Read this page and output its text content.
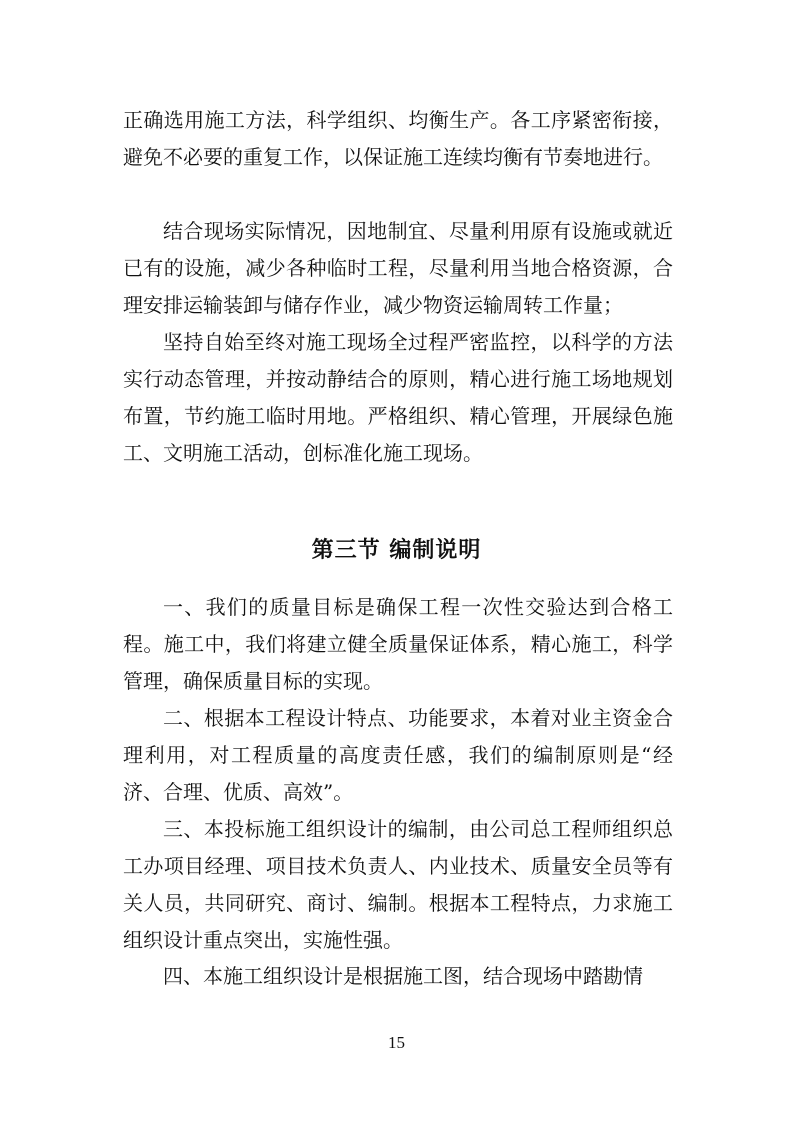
正确选用施工方法，科学组织、均衡生产。各工序紧密衔接，避免不必要的重复工作，以保证施工连续均衡有节奏地进行。

结合现场实际情况，因地制宜、尽量利用原有设施或就近已有的设施，减少各种临时工程，尽量利用当地合格资源，合理安排运输装卸与储存作业，减少物资运输周转工作量；

坚持自始至终对施工现场全过程严密监控，以科学的方法实行动态管理，并按动静结合的原则，精心进行施工场地规划布置，节约施工临时用地。严格组织、精心管理，开展绿色施工、文明施工活动，创标准化施工现场。

第三节 编制说明

一、我们的质量目标是确保工程一次性交验达到合格工程。施工中，我们将建立健全质量保证体系，精心施工，科学管理，确保质量目标的实现。

二、根据本工程设计特点、功能要求，本着对业主资金合理利用，对工程质量的高度责任感，我们的编制原则是“经济、合理、优质、高效”。

三、本投标施工组织设计的编制，由公司总工程师组织总工办项目经理、项目技术负责人、内业技术、质量安全员等有关人员，共同研究、商讨、编制。根据本工程特点，力求施工组织设计重点突出，实施性强。

四、本施工组织设计是根据施工图，结合现场中踏勘情

15
